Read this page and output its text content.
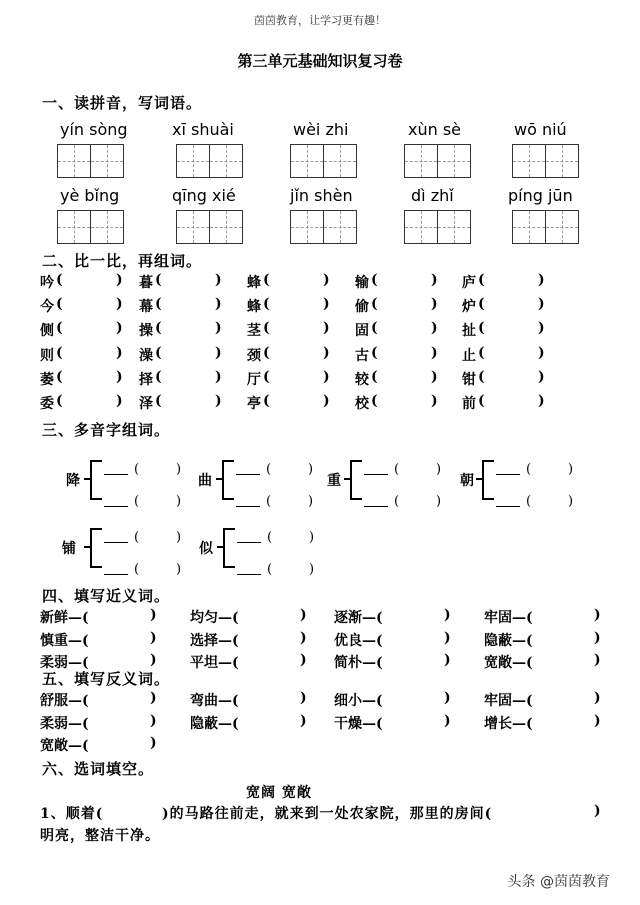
茵茵教育，让学习更有趣！
第三单元基础知识复习卷
一、读拼音，写词语。
yín sòng	xī shuài	wèi zhi	xùn sè	wō niú
yè bǐng	qīng xié	jǐn shèn	dì zhǐ	píng jūn
二、比一比，再组词。
吟 (	) 暮 (	) 蜂 (	) 输 (	) 庐 (	)
今 (	) 幕 (	) 蜂 (	) 偷 (	) 炉 (	)
侧 (	) 操 (	) 茎 (	) 固 (	) 扯 (	)
则 (	) 澡 (	) 颈 (	) 古 (	) 止 (	)
萎 (	) 择 (	) 厅 (	) 较 (	) 钳 (	)
委 (	) 泽 (	) 亭 (	) 校 (	) 前 (	)
三、多音字组词。
降
(	)
(	)
曲
(	)
(	)
重
(	)
(	)
朝
(	)
(	)
铺
(	)
(	)
似
(	)
(	)
四、填写近义词。
新鲜—(	) 均匀—(	) 逐渐—(	) 牢固—(	)
慎重—(	) 选择—(	) 优良—(	) 隐蔽—(	)
柔弱—(	) 平坦—(	) 简朴—(	) 宽敞—(	)
五、填写反义词。
舒服—(	) 弯曲—(	) 细小—(	) 牢固—(	)
柔弱—(	) 隐蔽—(	) 干燥—(	) 增长—(	)
宽敞—(	)
六、选词填空。
宽阔 宽敞
1、顺着(	)的马路往前走，就来到一处农家院，那里的房间(	)
明亮，整洁干净。
头条 @茵茵教育
